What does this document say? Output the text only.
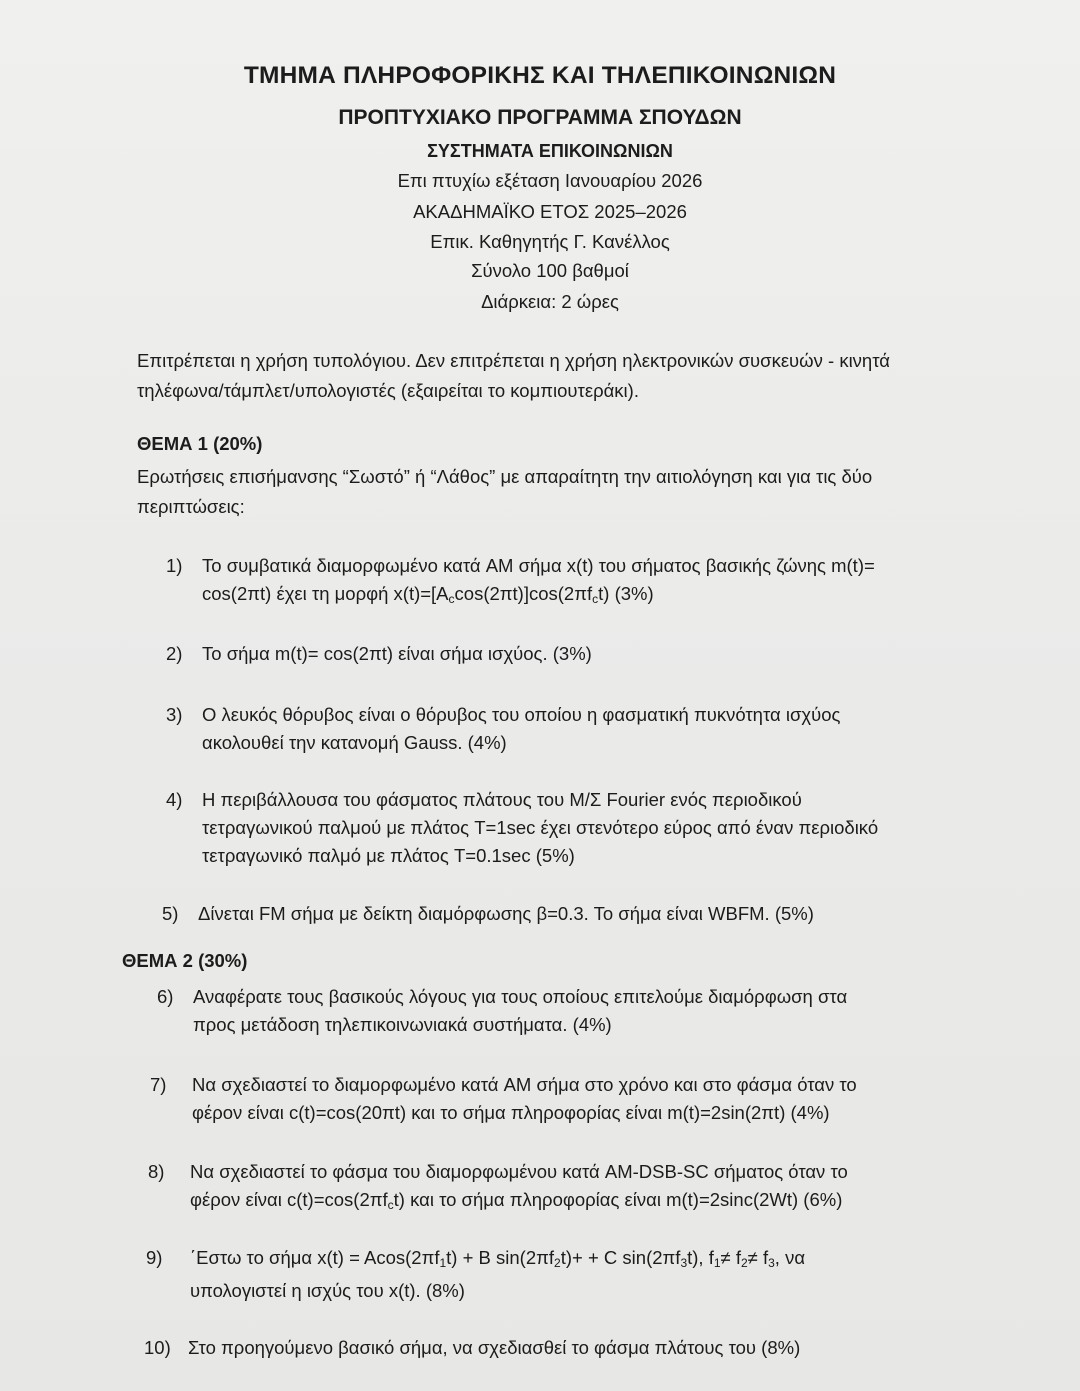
ΤΜΗΜΑ ΠΛΗΡΟΦΟΡΙΚΗΣ ΚΑΙ ΤΗΛΕΠΙΚΟΙΝΩΝΙΩΝ
ΠΡΟΠΤΥΧΙΑΚΟ ΠΡΟΓΡΑΜΜΑ ΣΠΟΥΔΩΝ
ΣΥΣΤΗΜΑΤΑ ΕΠΙΚΟΙΝΩΝΙΩΝ
Επι πτυχίω εξέταση Ιανουαρίου 2026
ΑΚΑΔΗΜΑΪΚΟ ΕΤΟΣ 2025–2026
Επικ. Καθηγητής Γ. Κανέλλος
Σύνολο 100 βαθμοί
Διάρκεια: 2 ώρες
Επιτρέπεται η χρήση τυπολόγιου. Δεν επιτρέπεται η χρήση ηλεκτρονικών συσκευών - κινητά
τηλέφωνα/τάμπλετ/υπολογιστές (εξαιρείται το κομπιουτεράκι).
ΘΕΜΑ 1 (20%)
Ερωτήσεις επισήμανσης “Σωστό” ή “Λάθος” με απαραίτητη την αιτιολόγηση και για τις δύο
περιπτώσεις:
1) Το συμβατικά διαμορφωμένο κατά AM σήμα x(t) του σήματος βασικής ζώνης m(t)=
cos(2πt) έχει τη μορφή $x(t)=[A_c\cos(2\pi t)]\cos(2\pi f_ct)$ (3%)
2) Το σήμα m(t)= cos(2πt) είναι σήμα ισχύος. (3%)
3) Ο λευκός θόρυβος είναι ο θόρυβος του οποίου η φασματική πυκνότητα ισχύος
ακολουθεί την κατανομή Gauss. (4%)
4) Η περιβάλλουσα του φάσματος πλάτους του Μ/Σ Fourier ενός περιοδικού
τετραγωνικού παλμού με πλάτος T=1sec έχει στενότερο εύρος από έναν περιοδικό
τετραγωνικό παλμό με πλάτος T=0.1sec (5%)
5) Δίνεται FM σήμα με δείκτη διαμόρφωσης β=0.3. Το σήμα είναι WBFM. (5%)
ΘΕΜΑ 2 (30%)
6) Αναφέρατε τους βασικούς λόγους για τους οποίους επιτελούμε διαμόρφωση στα
προς μετάδοση τηλεπικοινωνιακά συστήματα. (4%)
7) Να σχεδιαστεί το διαμορφωμένο κατά AM σήμα στο χρόνο και στο φάσμα όταν το
φέρον είναι c(t)=cos(20πt) και το σήμα πληροφορίας είναι m(t)=2sin(2πt) (4%)
8) Να σχεδιαστεί το φάσμα του διαμορφωμένου κατά AM-DSB-SC σήματος όταν το
φέρον είναι $c(t)=\cos(2\pi f_ct)$ και το σήμα πληροφορίας είναι m(t)=2sinc(2Wt) (6%)
9) ΄Εστω το σήμα $x(t) = Acos(2\pi f_1t) + B$ $\sin(2\pi f_2t)+ + C$ $\sin(2\pi f_3t)$, $f_1\ne f_2\ne f_3$, να
υπολογιστεί η ισχύς του x(t). (8%)
10) Στο προηγούμενο βασικό σήμα, να σχεδιασθεί το φάσμα πλάτους του (8%)
